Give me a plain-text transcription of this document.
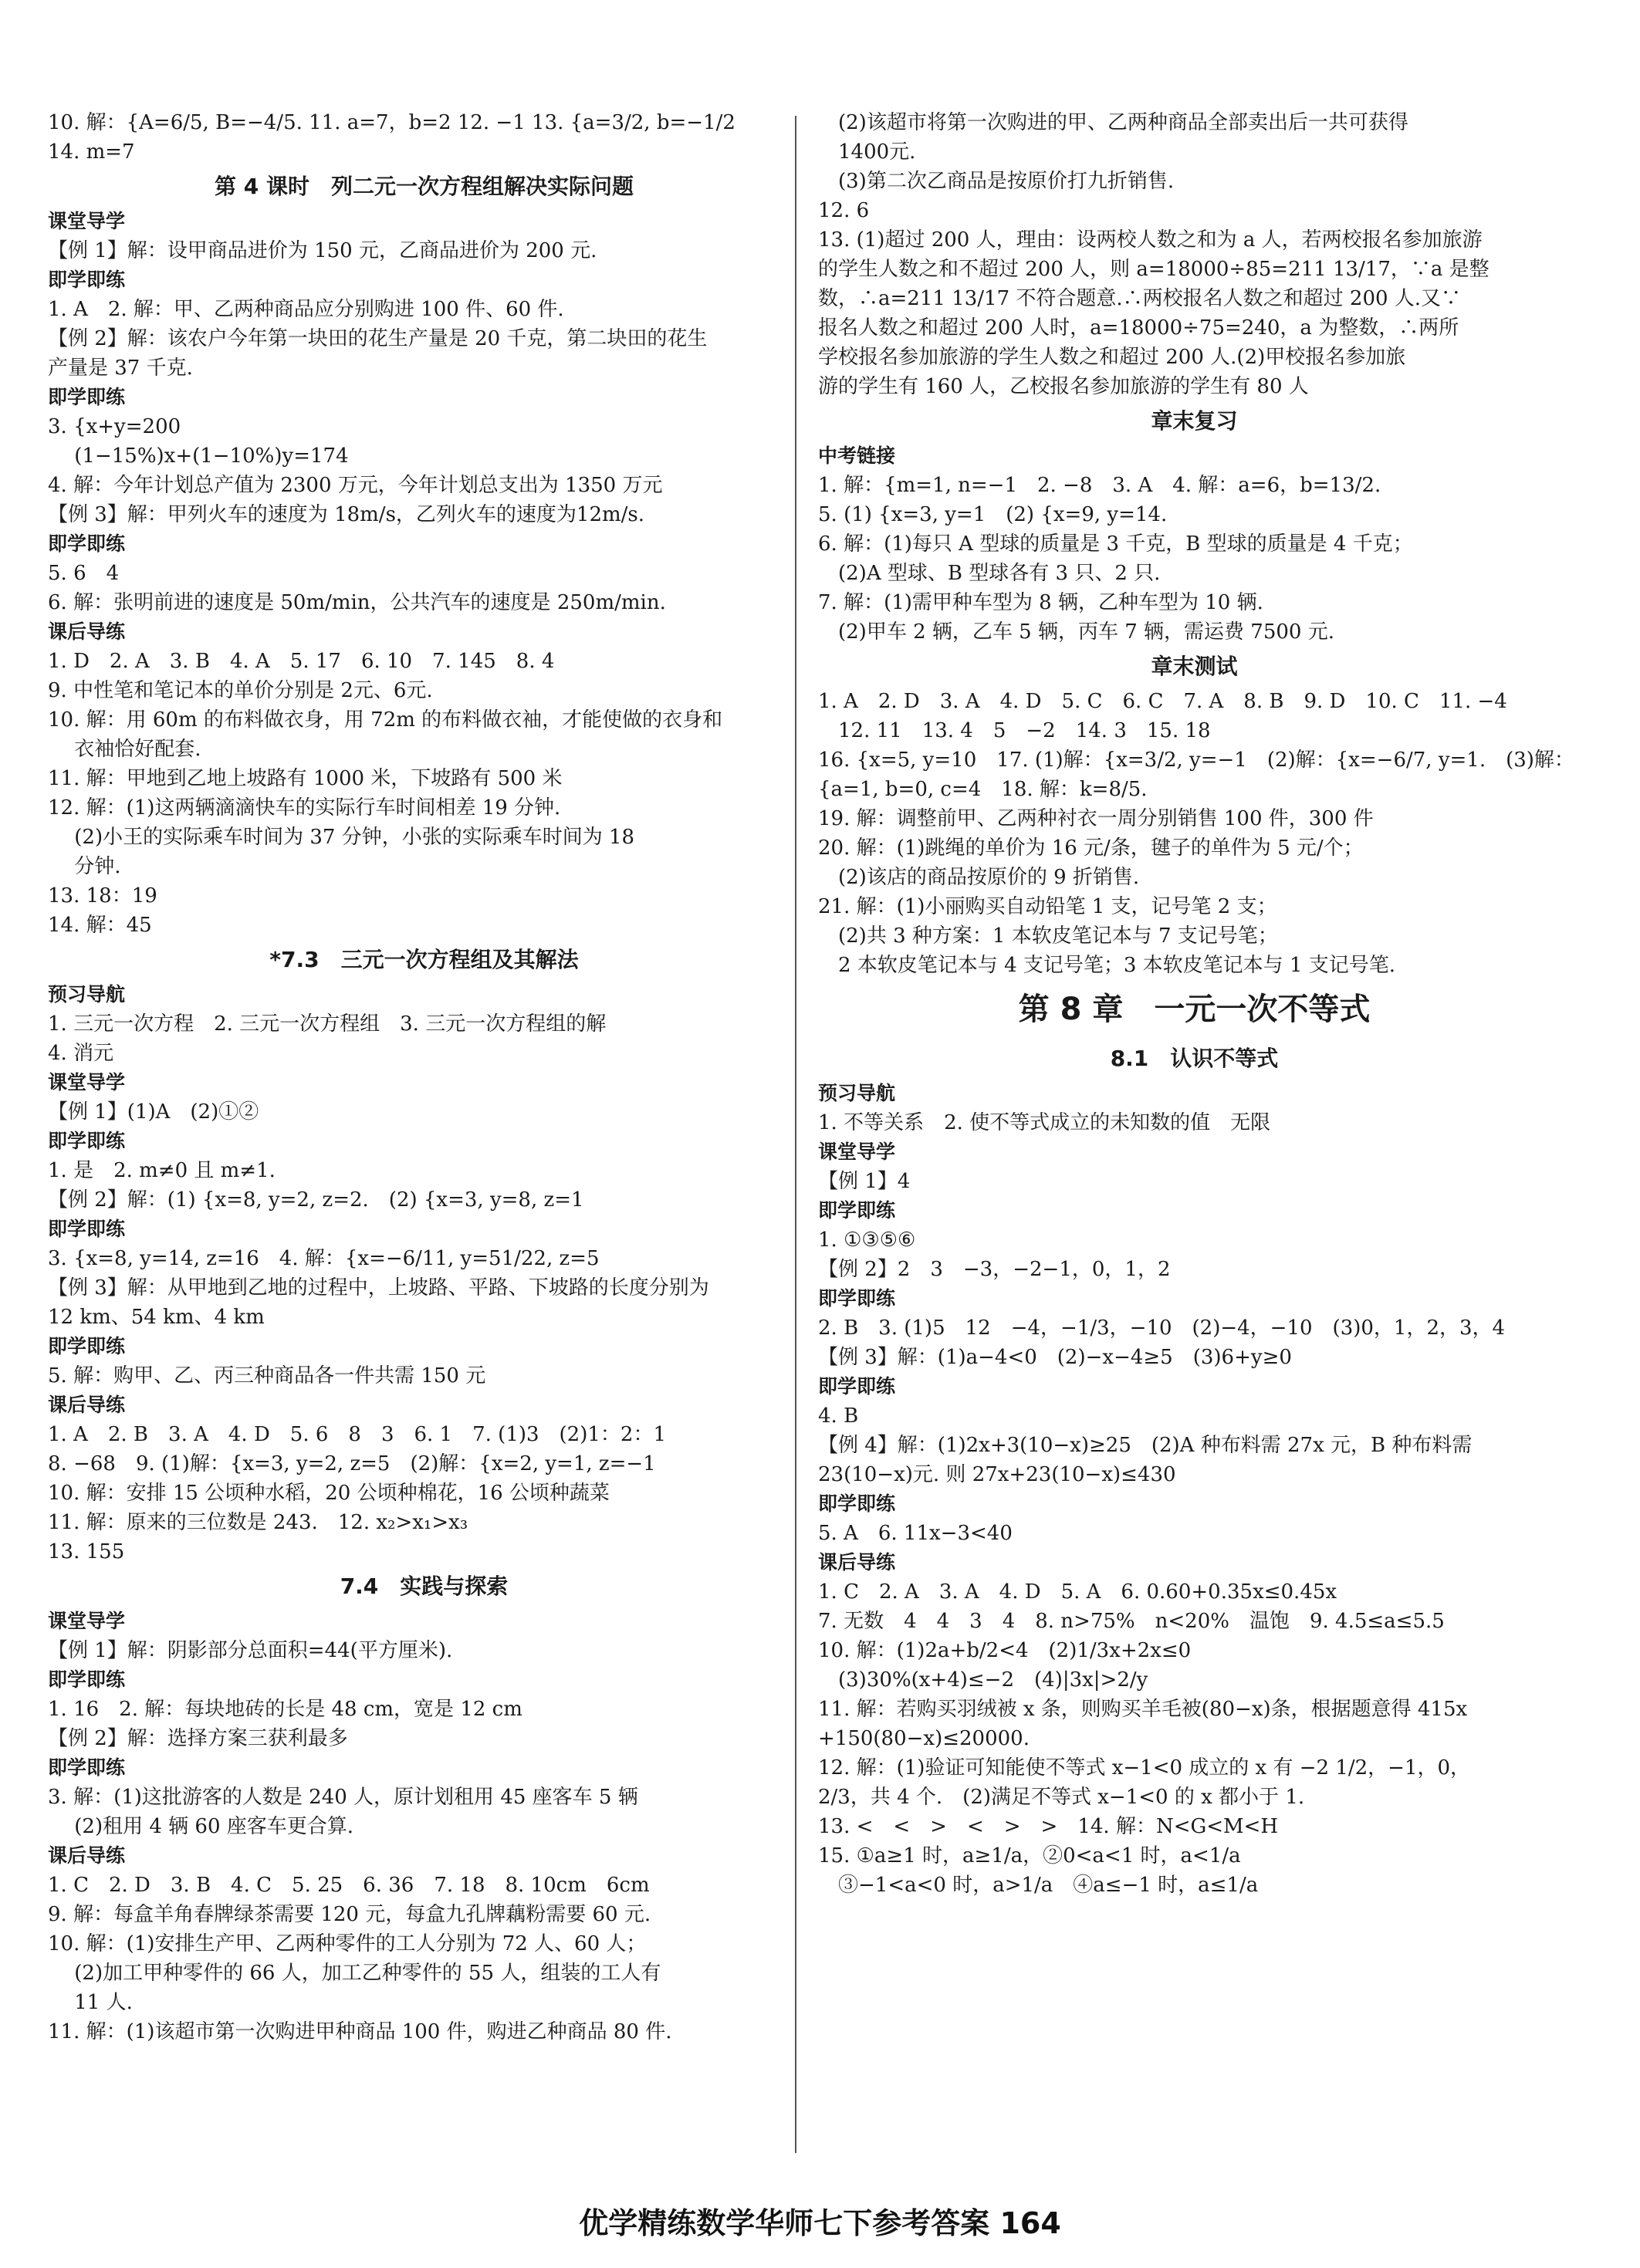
10. 解：{A=6/5, B=−4/5. 11. a=7，b=2 12. −1 13. {a=3/2, b=−1/2
14. m=7
第 4 课时　列二元一次方程组解决实际问题
课堂导学
【例 1】解：设甲商品进价为 150 元，乙商品进价为 200 元.
即学即练
1. A　2. 解：甲、乙两种商品应分别购进 100 件、60 件.
【例 2】解：该农户今年第一块田的花生产量是 20 千克，第二块田的花生
产量是 37 千克.
即学即练
3. {x+y=200
　 (1−15%)x+(1−10%)y=174
4. 解：今年计划总产值为 2300 万元，今年计划总支出为 1350 万元
【例 3】解：甲列火车的速度为 18m/s，乙列火车的速度为12m/s.
即学即练
5. 6　4
6. 解：张明前进的速度是 50m/min，公共汽车的速度是 250m/min.
课后导练
1. D　2. A　3. B　4. A　5. 17　6. 10　7. 145　8. 4
9. 中性笔和笔记本的单价分别是 2元、6元.
10. 解：用 60m 的布料做衣身，用 72m 的布料做衣袖，才能使做的衣身和
　 衣袖恰好配套.
11. 解：甲地到乙地上坡路有 1000 米，下坡路有 500 米
12. 解：(1)这两辆滴滴快车的实际行车时间相差 19 分钟.
　 (2)小王的实际乘车时间为 37 分钟，小张的实际乘车时间为 18
　 分钟.
13. 18：19
14. 解：45
*7.3　三元一次方程组及其解法
预习导航
1. 三元一次方程　2. 三元一次方程组　3. 三元一次方程组的解
4. 消元
课堂导学
【例 1】(1)A　(2)①②
即学即练
1. 是　2. m≠0 且 m≠1.
【例 2】解：(1) {x=8, y=2, z=2.　(2) {x=3, y=8, z=1
即学即练
3. {x=8, y=14, z=16　4. 解：{x=−6/11, y=51/22, z=5
【例 3】解：从甲地到乙地的过程中，上坡路、平路、下坡路的长度分别为
12 km、54 km、4 km
即学即练
5. 解：购甲、乙、丙三种商品各一件共需 150 元
课后导练
1. A　2. B　3. A　4. D　5. 6　8　3　6. 1　7. (1)3　(2)1：2：1
8. −68　9. (1)解：{x=3, y=2, z=5　(2)解：{x=2, y=1, z=−1
10. 解：安排 15 公顷种水稻，20 公顷种棉花，16 公顷种蔬菜
11. 解：原来的三位数是 243.　12. x₂>x₁>x₃
13. 155
7.4　实践与探索
课堂导学
【例 1】解：阴影部分总面积=44(平方厘米).
即学即练
1. 16　2. 解：每块地砖的长是 48 cm，宽是 12 cm
【例 2】解：选择方案三获利最多
即学即练
3. 解：(1)这批游客的人数是 240 人，原计划租用 45 座客车 5 辆
　 (2)租用 4 辆 60 座客车更合算.
课后导练
1. C　2. D　3. B　4. C　5. 25　6. 36　7. 18　8. 10cm　6cm
9. 解：每盒羊角春牌绿茶需要 120 元，每盒九孔牌藕粉需要 60 元.
10. 解：(1)安排生产甲、乙两种零件的工人分别为 72 人、60 人；
　 (2)加工甲种零件的 66 人，加工乙种零件的 55 人，组装的工人有
　 11 人.
11. 解：(1)该超市第一次购进甲种商品 100 件，购进乙种商品 80 件.
　(2)该超市将第一次购进的甲、乙两种商品全部卖出后一共可获得
　1400元.
　(3)第二次乙商品是按原价打九折销售.
12. 6
13. (1)超过 200 人，理由：设两校人数之和为 a 人，若两校报名参加旅游
的学生人数之和不超过 200 人，则 a=18000÷85=211 13/17，∵a 是整
数，∴a=211 13/17 不符合题意.∴两校报名人数之和超过 200 人.又∵
报名人数之和超过 200 人时，a=18000÷75=240，a 为整数，∴两所
学校报名参加旅游的学生人数之和超过 200 人.(2)甲校报名参加旅
游的学生有 160 人，乙校报名参加旅游的学生有 80 人
章末复习
中考链接
1. 解：{m=1, n=−1　2. −8　3. A　4. 解：a=6，b=13/2.
5. (1) {x=3, y=1　(2) {x=9, y=14.
6. 解：(1)每只 A 型球的质量是 3 千克，B 型球的质量是 4 千克；
　(2)A 型球、B 型球各有 3 只、2 只.
7. 解：(1)需甲种车型为 8 辆，乙种车型为 10 辆.
　(2)甲车 2 辆，乙车 5 辆，丙车 7 辆，需运费 7500 元.
章末测试
1. A　2. D　3. A　4. D　5. C　6. C　7. A　8. B　9. D　10. C　11. −4
　12. 11　13. 4　5　−2　14. 3　15. 18
16. {x=5, y=10　17. (1)解：{x=3/2, y=−1　(2)解：{x=−6/7, y=1.　(3)解：
{a=1, b=0, c=4　18. 解：k=8/5.
19. 解：调整前甲、乙两种衬衣一周分别销售 100 件，300 件
20. 解：(1)跳绳的单价为 16 元/条，毽子的单件为 5 元/个；
　(2)该店的商品按原价的 9 折销售.
21. 解：(1)小丽购买自动铅笔 1 支，记号笔 2 支；
　(2)共 3 种方案：1 本软皮笔记本与 7 支记号笔；
　2 本软皮笔记本与 4 支记号笔；3 本软皮笔记本与 1 支记号笔.
第 8 章　一元一次不等式
8.1　认识不等式
预习导航
1. 不等关系　2. 使不等式成立的未知数的值　无限
课堂导学
【例 1】4
即学即练
1. ①③⑤⑥
【例 2】2　3　−3，−2−1，0，1，2
即学即练
2. B　3. (1)5　12　−4，−1/3，−10　(2)−4，−10　(3)0，1，2，3，4
【例 3】解：(1)a−4<0　(2)−x−4≥5　(3)6+y≥0
即学即练
4. B
【例 4】解：(1)2x+3(10−x)≥25　(2)A 种布料需 27x 元，B 种布料需
23(10−x)元. 则 27x+23(10−x)≤430
即学即练
5. A　6. 11x−3<40
课后导练
1. C　2. A　3. A　4. D　5. A　6. 0.60+0.35x≤0.45x
7. 无数　4　4　3　4　8. n>75%　n<20%　温饱　9. 4.5≤a≤5.5
10. 解：(1)2a+b/2<4　(2)1/3x+2x≤0
　(3)30%(x+4)≤−2　(4)|3x|>2/y
11. 解：若购买羽绒被 x 条，则购买羊毛被(80−x)条，根据题意得 415x
+150(80−x)≤20000.
12. 解：(1)验证可知能使不等式 x−1<0 成立的 x 有 −2 1/2，−1，0，
2/3，共 4 个.　(2)满足不等式 x−1<0 的 x 都小于 1.
13. <　<　>　<　>　>　14. 解：N<G<M<H
15. ①a≥1 时，a≥1/a，②0<a<1 时，a<1/a
　③−1<a<0 时，a>1/a　④a≤−1 时，a≤1/a
优学精练数学华师七下参考答案 164
